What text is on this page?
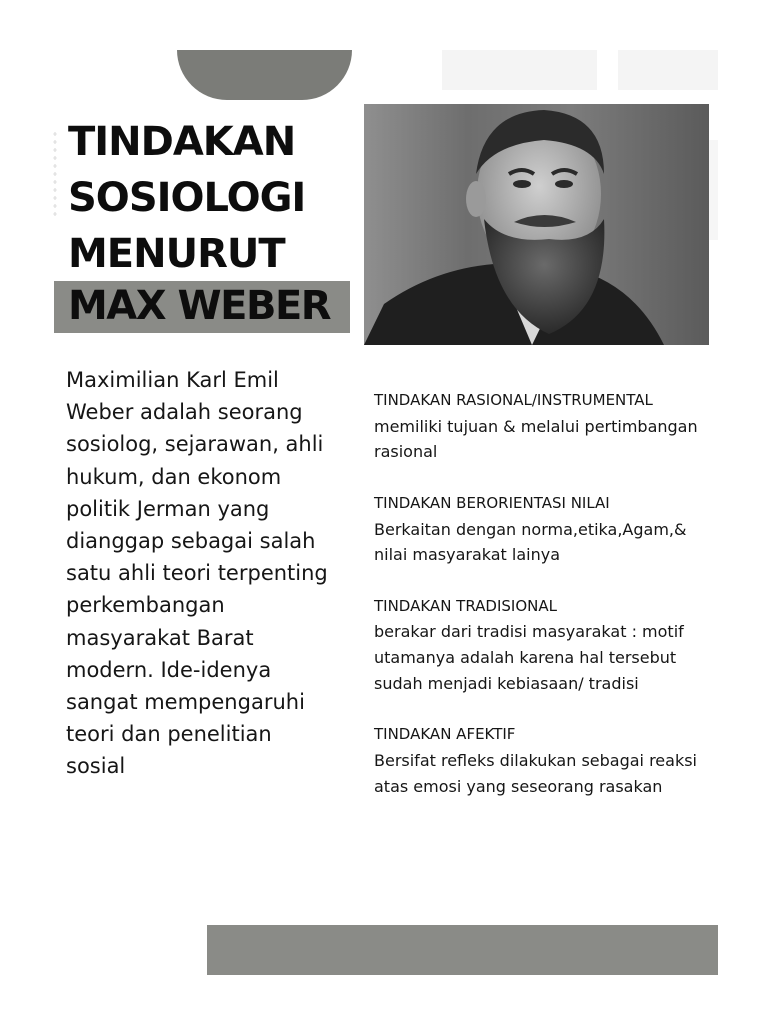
TINDAKAN
SOSIOLOGI
MENURUT
MAX WEBER

Maximilian Karl Emil Weber adalah seorang sosiolog, sejarawan, ahli hukum, dan ekonom politik Jerman yang dianggap sebagai salah satu ahli teori terpenting perkembangan masyarakat Barat modern. Ide-idenya sangat mempengaruhi teori dan penelitian sosial

TINDAKAN RASIONAL/INSTRUMENTAL
memiliki tujuan & melalui pertimbangan rasional
TINDAKAN BERORIENTASI NILAI
Berkaitan dengan norma,etika,Agam,& nilai masyarakat lainya
TINDAKAN TRADISIONAL
berakar dari tradisi masyarakat : motif utamanya adalah karena hal tersebut sudah menjadi kebiasaan/ tradisi
TINDAKAN AFEKTIF
Bersifat refleks dilakukan sebagai reaksi atas emosi yang seseorang rasakan
